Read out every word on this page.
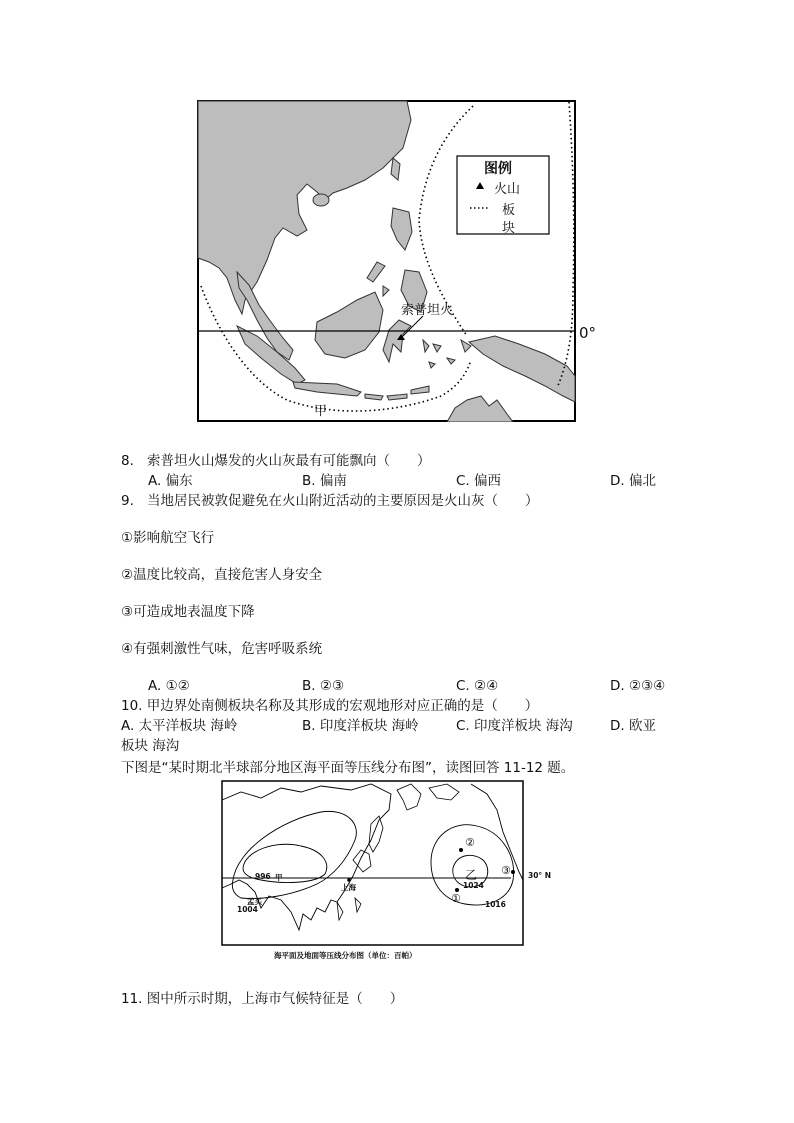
图例
火山
板
块
索普坦火
甲
0°
8. 索普坦火山爆发的火山灰最有可能飘向（　　）
A. 偏东	B. 偏南	C. 偏西	D. 偏北
9. 当地居民被敦促避免在火山附近活动的主要原因是火山灰（　　）
①影响航空飞行
②温度比较高，直接危害人身安全
③可造成地表温度下降
④有强刺激性气味，危害呼吸系统
A. ①②	B. ②③	C. ②④	D. ②③④
10. 甲边界处南侧板块名称及其形成的宏观地形对应正确的是（　　）
A. 太平洋板块 海岭	B. 印度洋板块 海岭	C. 印度洋板块 海沟	D. 欧亚
板块 海沟
下图是“某时期北半球部分地区海平面等压线分布图”，读图回答 11-12 题。
996 甲
孟买
1004
上海
②
乙
1024
①	1016
③ 30° N
海平面及地面等压线分布图（单位：百帕）
11. 图中所示时期，上海市气候特征是（　　）
